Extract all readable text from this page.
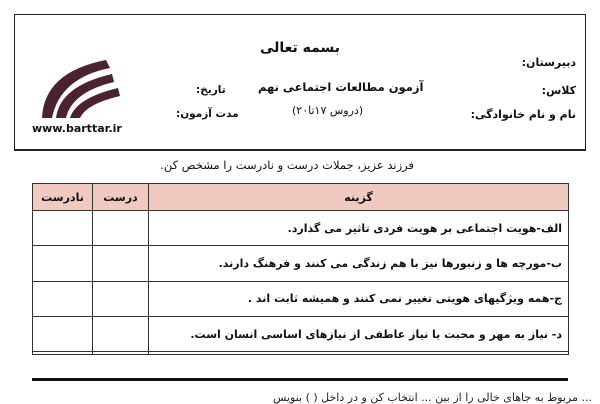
بسمه تعالی
آزمون مطالعات اجتماعی نهم
(دروس ۱۷تا۲۰)
دبیرستان:
کلاس:
نام و نام خانوادگی:
تاریخ:
مدت آزمون:
www.barttar.ir
فرزند عزیز، جملات درست و نادرست را مشخص کن.
گزینه	درست	نادرست
الف-هویت اجتماعی بر هویت فردی تاثیر می گذارد.		
ب-مورچه ها و زنبورها نیز با هم زندگی می کنند و فرهنگ دارند.		
ج-همه ویژگیهای هویتی تغییر نمی کنند و همیشه ثابت اند .		
د- نیاز به مهر و محبت یا نیاز عاطفی از نیازهای اساسی انسان است.		

... مربوط به جاهای خالی را از بین ... انتخاب کن و در داخل ( ) بنویس
